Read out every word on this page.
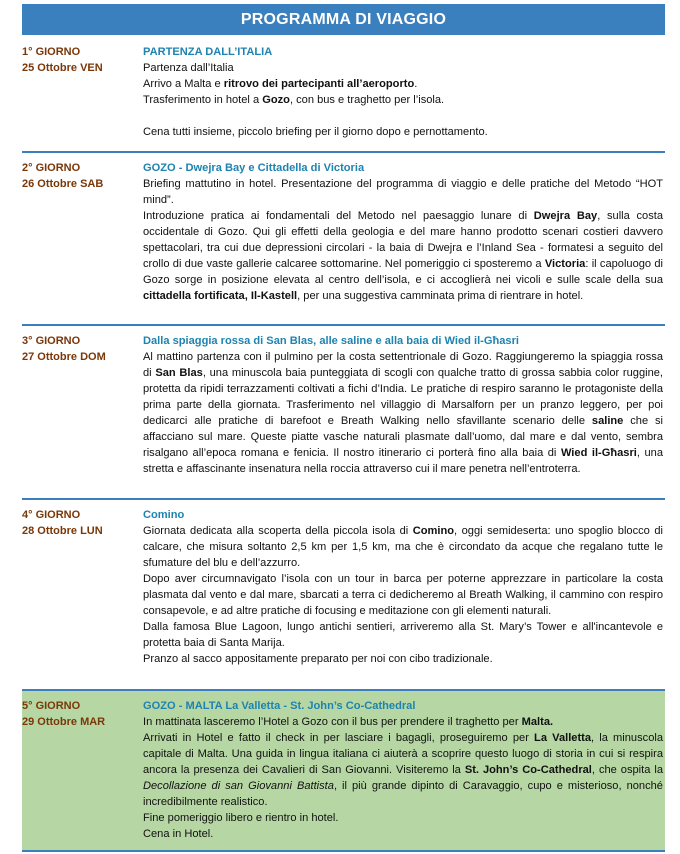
PROGRAMMA DI VIAGGIO
1° GIORNO
25 Ottobre VEN

PARTENZA DALL’ITALIA

Partenza dall’Italia

Arrivo a Malta e ritrovo dei partecipanti all’aeroporto.

Trasferimento in hotel a Gozo, con bus e traghetto per l’isola.

Cena tutti insieme, piccolo briefing per il giorno dopo e pernottamento.

2° GIORNO
26 Ottobre SAB

GOZO - Dwejra Bay e Cittadella di Victoria

Briefing mattutino in hotel. Presentazione del programma di viaggio e delle pratiche del Metodo “HOT mind”.

Introduzione pratica ai fondamentali del Metodo nel paesaggio lunare di Dwejra Bay, sulla costa occidentale di Gozo. Qui gli effetti della geologia e del mare hanno prodotto scenari costieri davvero spettacolari, tra cui due depressioni circolari - la baia di Dwejra e l’Inland Sea - formatesi a seguito del crollo di due vaste gallerie calcaree sottomarine. Nel pomeriggio ci sposteremo a Victoria: il capoluogo di Gozo sorge in posizione elevata al centro dell’isola, e ci accoglierà nei vicoli e sulle scale della sua cittadella fortificata, Il-Kastell, per una suggestiva camminata prima di rientrare in hotel.

3° GIORNO
27 Ottobre DOM

Dalla spiaggia rossa di San Blas, alle saline e alla baia di Wied il-Għasri

Al mattino partenza con il pulmino per la costa settentrionale di Gozo. Raggiungeremo la spiaggia rossa di San Blas, una minuscola baia punteggiata di scogli con qualche tratto di grossa sabbia color ruggine, protetta da ripidi terrazzamenti coltivati a fichi d’India. Le pratiche di respiro saranno le protagoniste della prima parte della giornata. Trasferimento nel villaggio di Marsalforn per un pranzo leggero, per poi dedicarci alle pratiche di barefoot e Breath Walking nello sfavillante scenario delle saline che si affacciano sul mare. Queste piatte vasche naturali plasmate dall’uomo, dal mare e dal vento, sembra risalgano all’epoca romana e fenicia. Il nostro itinerario ci porterà fino alla baia di Wied il-Għasri, una stretta e affascinante insenatura nella roccia attraverso cui il mare penetra nell’entroterra.

4° GIORNO
28 Ottobre LUN

Comino

Giornata dedicata alla scoperta della piccola isola di Comino, oggi semideserta: uno spoglio blocco di calcare, che misura soltanto 2,5 km per 1,5 km, ma che è circondato da acque che regalano tutte le sfumature del blu e dell’azzurro.

Dopo aver circumnavigato l’isola con un tour in barca per poterne apprezzare in particolare la costa plasmata dal vento e dal mare, sbarcati a terra ci dedicheremo al Breath Walking, il cammino con respiro consapevole, e ad altre pratiche di focusing e meditazione con gli elementi naturali.

Dalla famosa Blue Lagoon, lungo antichi sentieri, arriveremo alla St. Mary’s Tower e all'incantevole e protetta baia di Santa Marija.

Pranzo al sacco appositamente preparato per noi con cibo tradizionale.

5° GIORNO
29 Ottobre MAR

GOZO - MALTA La Valletta - St. John’s Co-Cathedral

In mattinata lasceremo l’Hotel a Gozo con il bus per prendere il traghetto per Malta.

Arrivati in Hotel e fatto il check in per lasciare i bagagli, proseguiremo per La Valletta, la minuscola capitale di Malta. Una guida in lingua italiana ci aiuterà a scoprire questo luogo di storia in cui si respira ancora la presenza dei Cavalieri di San Giovanni. Visiteremo la St. John’s Co-Cathedral, che ospita la Decollazione di san Giovanni Battista, il più grande dipinto di Caravaggio, cupo e misterioso, nonché incredibilmente realistico.

Fine pomeriggio libero e rientro in hotel.

Cena in Hotel.
